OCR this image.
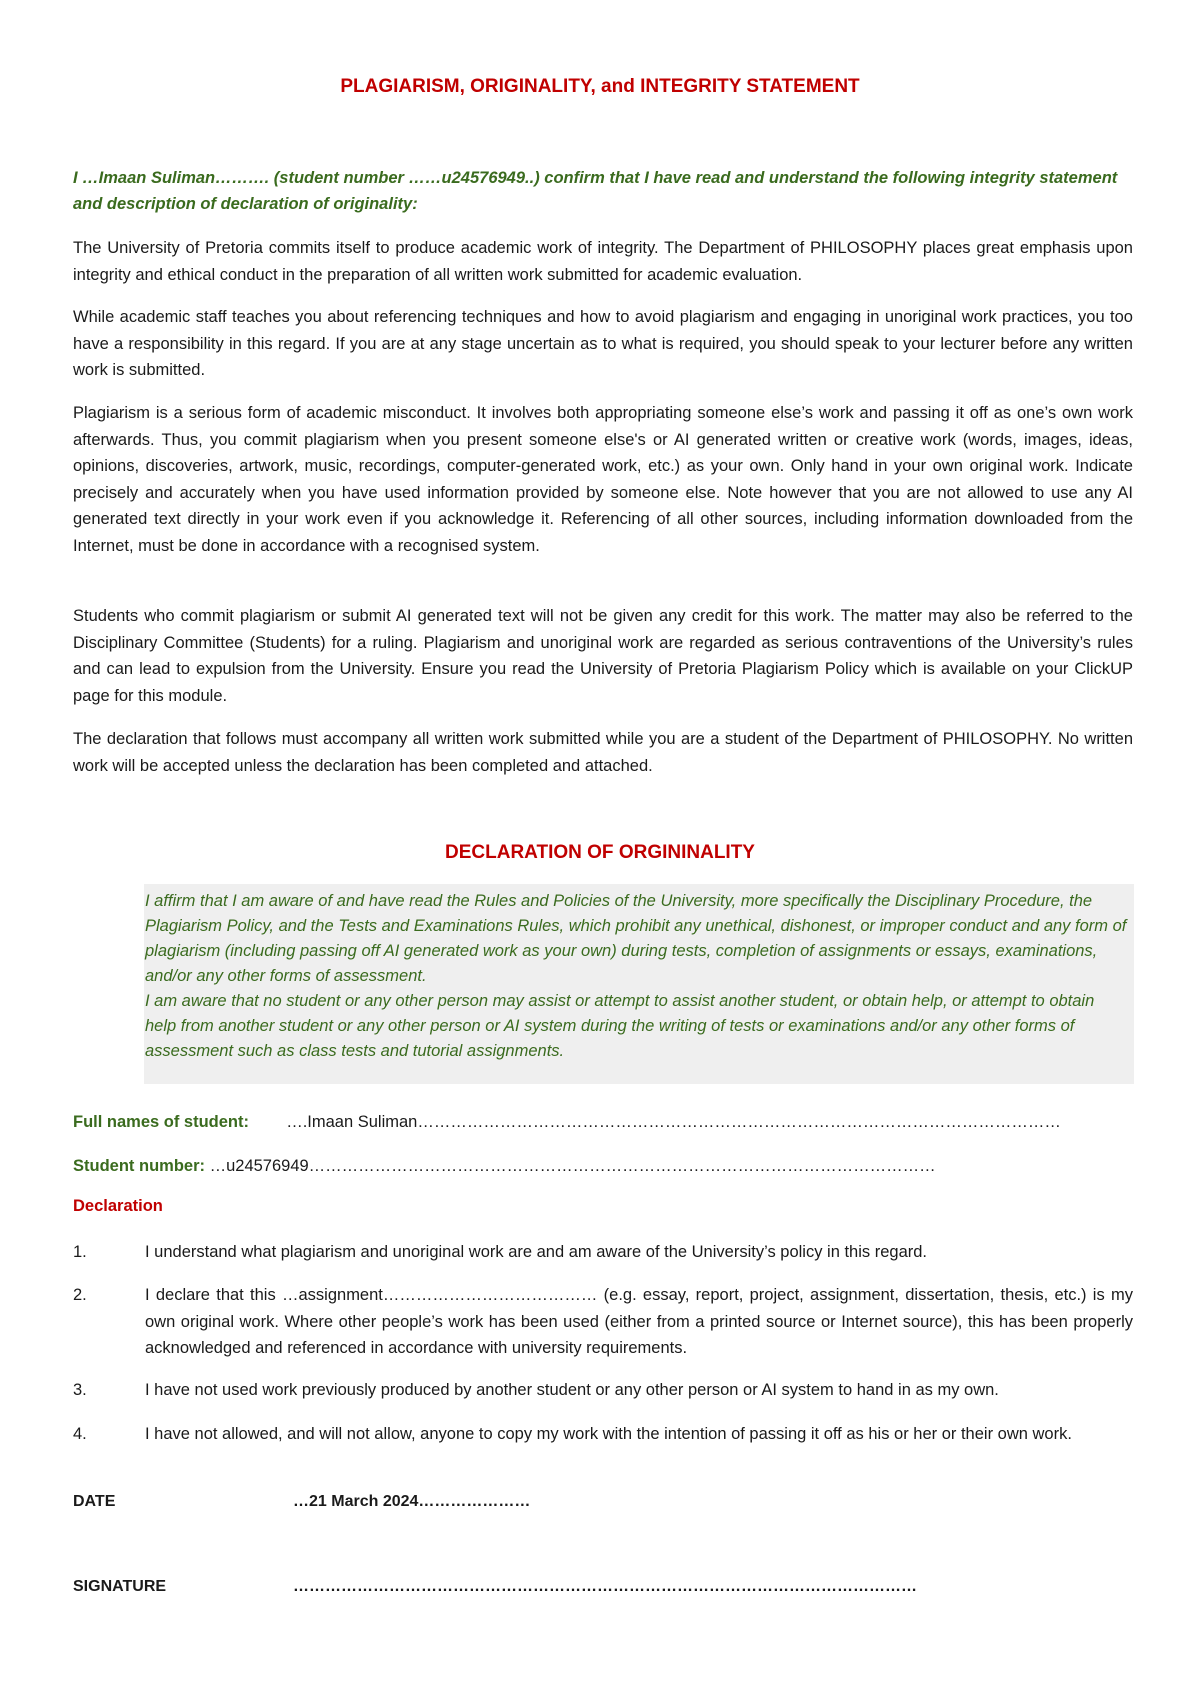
PLAGIARISM, ORIGINALITY, and INTEGRITY STATEMENT
I …Imaan Suliman………. (student number ……u24576949..) confirm that I have read and understand the following integrity statement and description of declaration of originality:
The University of Pretoria commits itself to produce academic work of integrity. The Department of PHILOSOPHY places great emphasis upon integrity and ethical conduct in the preparation of all written work submitted for academic evaluation.
While academic staff teaches you about referencing techniques and how to avoid plagiarism and engaging in unoriginal work practices, you too have a responsibility in this regard. If you are at any stage uncertain as to what is required, you should speak to your lecturer before any written work is submitted.
Plagiarism is a serious form of academic misconduct. It involves both appropriating someone else’s work and passing it off as one’s own work afterwards. Thus, you commit plagiarism when you present someone else's or AI generated written or creative work (words, images, ideas, opinions, discoveries, artwork, music, recordings, computer-generated work, etc.) as your own. Only hand in your own original work. Indicate precisely and accurately when you have used information provided by someone else. Note however that you are not allowed to use any AI generated text directly in your work even if you acknowledge it. Referencing of all other sources, including information downloaded from the Internet, must be done in accordance with a recognised system.
Students who commit plagiarism or submit AI generated text will not be given any credit for this work. The matter may also be referred to the Disciplinary Committee (Students) for a ruling. Plagiarism and unoriginal work are regarded as serious contraventions of the University’s rules and can lead to expulsion from the University. Ensure you read the University of Pretoria Plagiarism Policy which is available on your ClickUP page for this module.
The declaration that follows must accompany all written work submitted while you are a student of the Department of PHILOSOPHY. No written work will be accepted unless the declaration has been completed and attached.
DECLARATION OF ORGININALITY

I affirm that I am aware of and have read the Rules and Policies of the University, more specifically the Disciplinary Procedure, the Plagiarism Policy, and the Tests and Examinations Rules, which prohibit any unethical, dishonest, or improper conduct and any form of plagiarism (including passing off AI generated work as your own) during tests, completion of assignments or essays, examinations, and/or any other forms of assessment.

I am aware that no student or any other person may assist or attempt to assist another student, or obtain help, or attempt to obtain help from another student or any other person or AI system during the writing of tests or examinations and/or any other forms of assessment such as class tests and tutorial assignments.

Full names of student: ….Imaan Suliman………………………………………………………………………………………………………
Student number: …u24576949……………………………………………………………………………………………………
Declaration
1.	I understand what plagiarism and unoriginal work are and am aware of the University’s policy in this regard.
2.	I declare that this …assignment………………………………… (e.g. essay, report, project, assignment, dissertation, thesis, etc.) is my own original work. Where other people’s work has been used (either from a printed source or Internet source), this has been properly acknowledged and referenced in accordance with university requirements.
3.	I have not used work previously produced by another student or any other person or AI system to hand in as my own.
4.	I have not allowed, and will not allow, anyone to copy my work with the intention of passing it off as his or her or their own work.
DATE	…21 March 2024…………………
SIGNATURE	………………………………………………………………………………………………………
